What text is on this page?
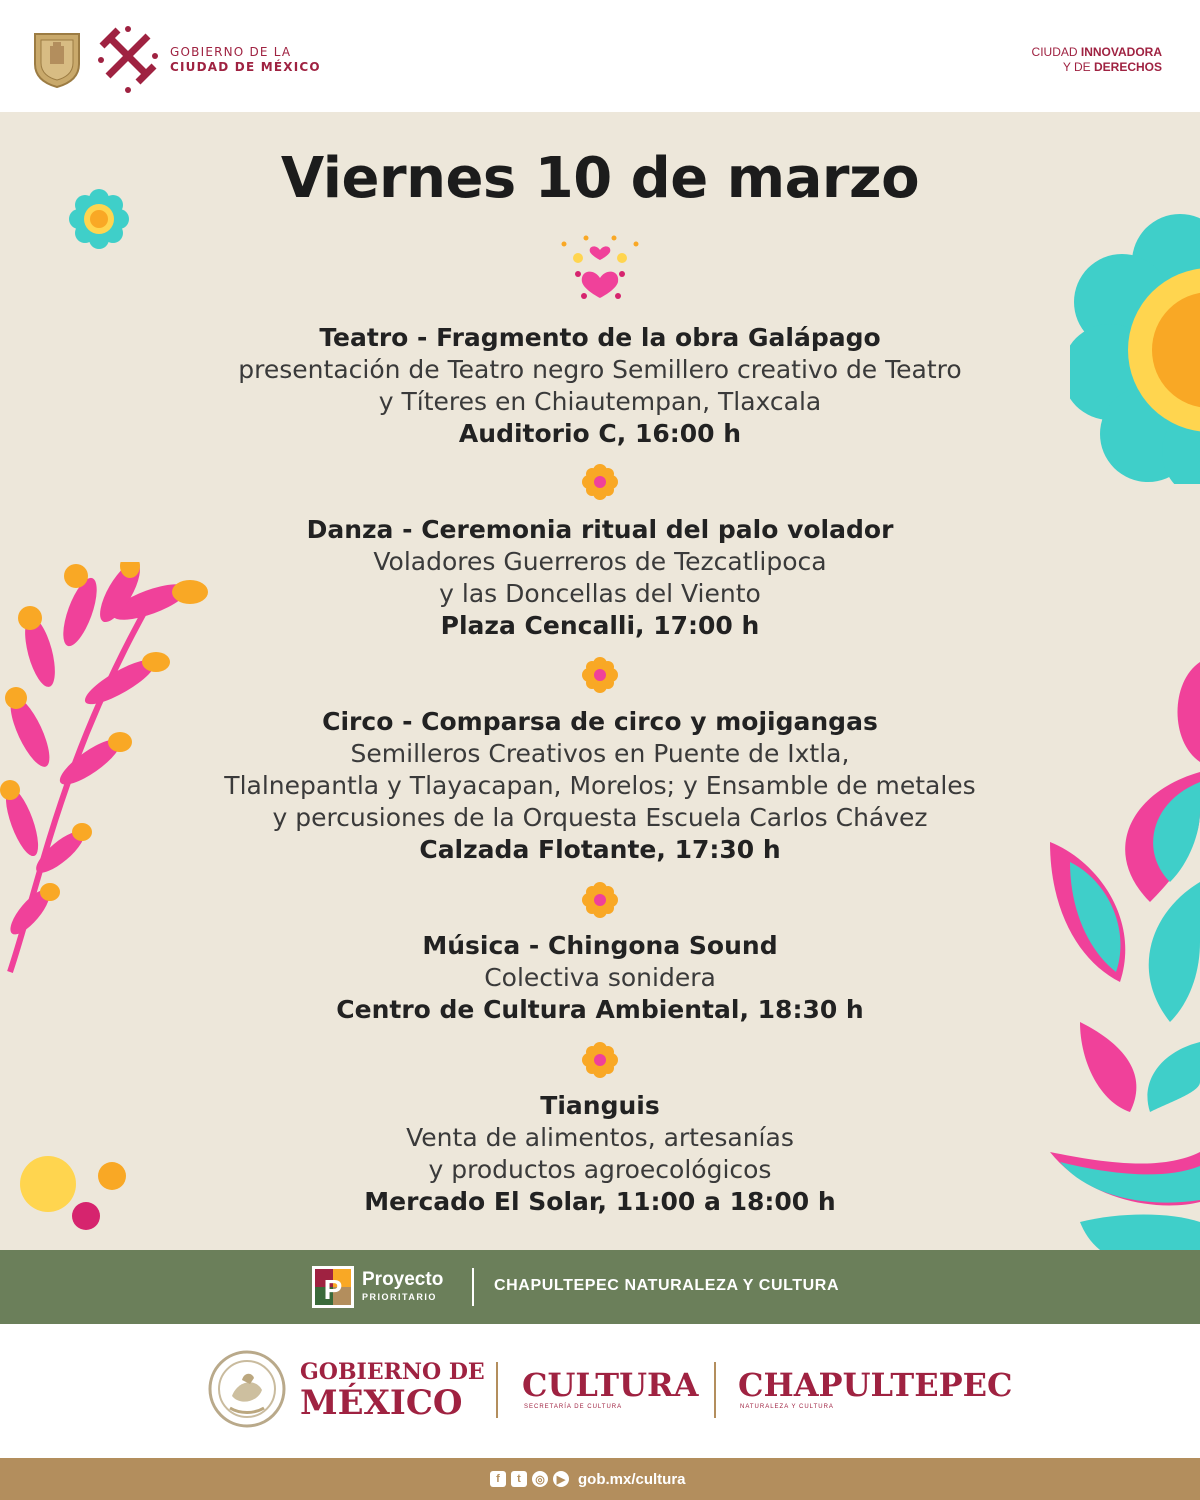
GOBIERNO DE LA
CIUDAD DE MÉXICO
CIUDAD INNOVADORA
Y DE DERECHOS
Viernes 10 de marzo
Teatro - Fragmento de la obra Galápago
presentación de Teatro negro Semillero creativo de Teatro
y Títeres en Chiautempan, Tlaxcala
Auditorio C, 16:00 h
Danza - Ceremonia ritual del palo volador
Voladores Guerreros de Tezcatlipoca
y las Doncellas del Viento
Plaza Cencalli, 17:00 h
Circo - Comparsa de circo y mojigangas
Semilleros Creativos en Puente de Ixtla,
Tlalnepantla y Tlayacapan, Morelos; y Ensamble de metales
y percusiones de la Orquesta Escuela Carlos Chávez
Calzada Flotante, 17:30 h
Música - Chingona Sound
Colectiva sonidera
Centro de Cultura Ambiental, 18:30 h
Tianguis
Venta de alimentos, artesanías
y productos agroecológicos
Mercado El Solar, 11:00 a 18:00 h
P Proyecto
PRIORITARIO
CHAPULTEPEC NATURALEZA Y CULTURA
GOBIERNO DE
MÉXICO	CULTURA
SECRETARÍA DE CULTURA
CHAPULTEPEC
NATURALEZA Y CULTURA
f	t	◎	▶ gob.mx/cultura
